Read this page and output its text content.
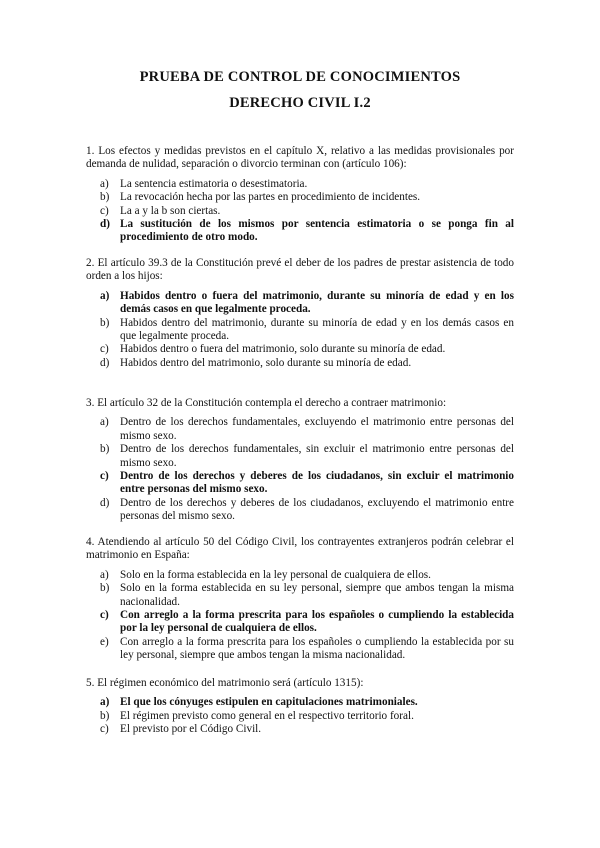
PRUEBA DE CONTROL DE CONOCIMIENTOS
DERECHO CIVIL I.2

1. Los efectos y medidas previstos en el capítulo X, relativo a las medidas provisionales por demanda de nulidad, separación o divorcio terminan con (artículo 106):

a)	La sentencia estimatoria o desestimatoria.
b) La revocación hecha por las partes en procedimiento de incidentes.
c)	La a y la b son ciertas.
d) La sustitución de los mismos por sentencia estimatoria o se ponga fin al procedimiento de otro modo.

2. El artículo 39.3 de la Constitución prevé el deber de los padres de prestar asistencia de todo orden a los hijos:

a) Habidos dentro o fuera del matrimonio, durante su minoría de edad y en los demás casos en que legalmente proceda.
b) Habidos dentro del matrimonio, durante su minoría de edad y en los demás casos en que legalmente proceda.
c)	Habidos dentro o fuera del matrimonio, solo durante su minoría de edad.
d) Habidos dentro del matrimonio, solo durante su minoría de edad.

3. El artículo 32 de la Constitución contempla el derecho a contraer matrimonio:

a)	Dentro de los derechos fundamentales, excluyendo el matrimonio entre personas del mismo sexo.
b) Dentro de los derechos fundamentales, sin excluir el matrimonio entre personas del mismo sexo.
c)	Dentro de los derechos y deberes de los ciudadanos, sin excluir el matrimonio entre personas del mismo sexo.
d) Dentro de los derechos y deberes de los ciudadanos, excluyendo el matrimonio entre personas del mismo sexo.

4. Atendiendo al artículo 50 del Código Civil, los contrayentes extranjeros podrán celebrar el matrimonio en España:

a)	Solo en la forma establecida en la ley personal de cualquiera de ellos.
b) Solo en la forma establecida en su ley personal, siempre que ambos tengan la misma nacionalidad.
c)	Con arreglo a la forma prescrita para los españoles o cumpliendo la establecida por la ley personal de cualquiera de ellos.
e)	Con arreglo a la forma prescrita para los españoles o cumpliendo la establecida por su ley personal, siempre que ambos tengan la misma nacionalidad.

5. El régimen económico del matrimonio será (artículo 1315):

a) El que los cónyuges estipulen en capitulaciones matrimoniales.
b) El régimen previsto como general en el respectivo territorio foral.
c)	El previsto por el Código Civil.
